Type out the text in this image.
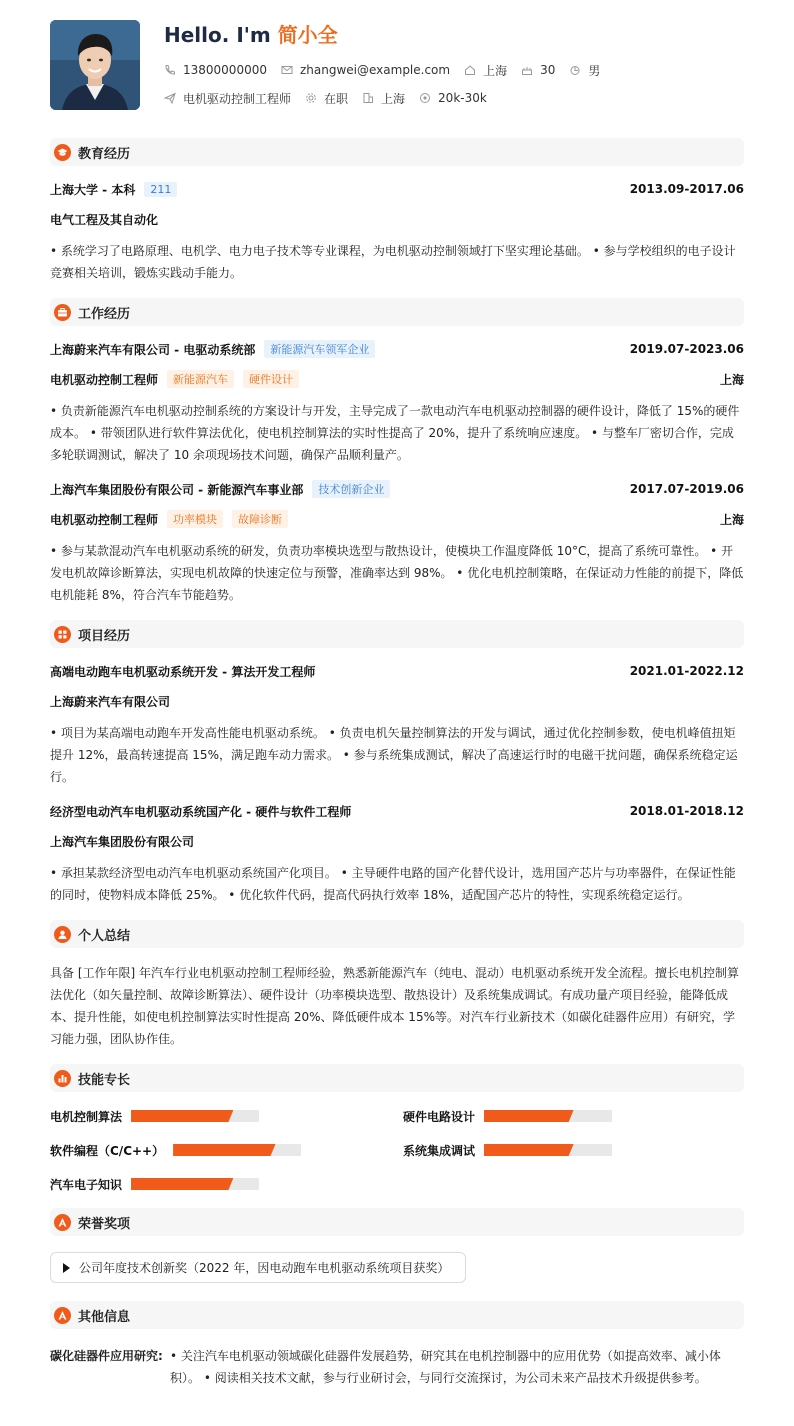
Hello. I'm 简小全
13800000000	zhangwei@example.com	上海	30	男
电机驱动控制工程师	在职	上海	20k-30k
教育经历
上海大学 - 本科	211	2013.09-2017.06
电气工程及其自动化
• 系统学习了电路原理、电机学、电力电子技术等专业课程，为电机驱动控制领域打下坚实理论基础。 • 参与学校组织的电子设计竞赛相关培训，锻炼实践动手能力。
工作经历
上海蔚来汽车有限公司 - 电驱动系统部	新能源汽车领军企业	2019.07-2023.06
电机驱动控制工程师	新能源汽车	硬件设计	上海
• 负责新能源汽车电机驱动控制系统的方案设计与开发，主导完成了一款电动汽车电机驱动控制器的硬件设计，降低了 15%的硬件成本。 • 带领团队进行软件算法优化，使电机控制算法的实时性提高了 20%，提升了系统响应速度。 • 与整车厂密切合作，完成多轮联调测试，解决了 10 余项现场技术问题，确保产品顺利量产。
上海汽车集团股份有限公司 - 新能源汽车事业部	技术创新企业	2017.07-2019.06
电机驱动控制工程师	功率模块	故障诊断	上海
• 参与某款混动汽车电机驱动系统的研发，负责功率模块选型与散热设计，使模块工作温度降低 10°C，提高了系统可靠性。 • 开发电机故障诊断算法，实现电机故障的快速定位与预警，准确率达到 98%。 • 优化电机控制策略，在保证动力性能的前提下，降低电机能耗 8%，符合汽车节能趋势。
项目经历
高端电动跑车电机驱动系统开发 - 算法开发工程师	2021.01-2022.12
上海蔚来汽车有限公司
• 项目为某高端电动跑车开发高性能电机驱动系统。 • 负责电机矢量控制算法的开发与调试，通过优化控制参数，使电机峰值扭矩提升 12%，最高转速提高 15%，满足跑车动力需求。 • 参与系统集成测试，解决了高速运行时的电磁干扰问题，确保系统稳定运行。
经济型电动汽车电机驱动系统国产化 - 硬件与软件工程师	2018.01-2018.12
上海汽车集团股份有限公司
• 承担某款经济型电动汽车电机驱动系统国产化项目。 • 主导硬件电路的国产化替代设计，选用国产芯片与功率器件，在保证性能的同时，使物料成本降低 25%。 • 优化软件代码，提高代码执行效率 18%，适配国产芯片的特性，实现系统稳定运行。
个人总结
具备 [工作年限] 年汽车行业电机驱动控制工程师经验，熟悉新能源汽车（纯电、混动）电机驱动系统开发全流程。擅长电机控制算法优化（如矢量控制、故障诊断算法）、硬件设计（功率模块选型、散热设计）及系统集成调试。有成功量产项目经验，能降低成本、提升性能，如使电机控制算法实时性提高 20%、降低硬件成本 15%等。对汽车行业新技术（如碳化硅器件应用）有研究，学习能力强，团队协作佳。
技能专长
电机控制算法	硬件电路设计
软件编程（C/C++）	系统集成调试
汽车电子知识
荣誉奖项
公司年度技术创新奖（2022 年，因电动跑车电机驱动系统项目获奖）
其他信息
碳化硅器件应用研究: • 关注汽车电机驱动领域碳化硅器件发展趋势，研究其在电机控制器中的应用优势（如提高效率、减小体积）。 • 阅读相关技术文献，参与行业研讨会，与同行交流探讨，为公司未来产品技术升级提供参考。
